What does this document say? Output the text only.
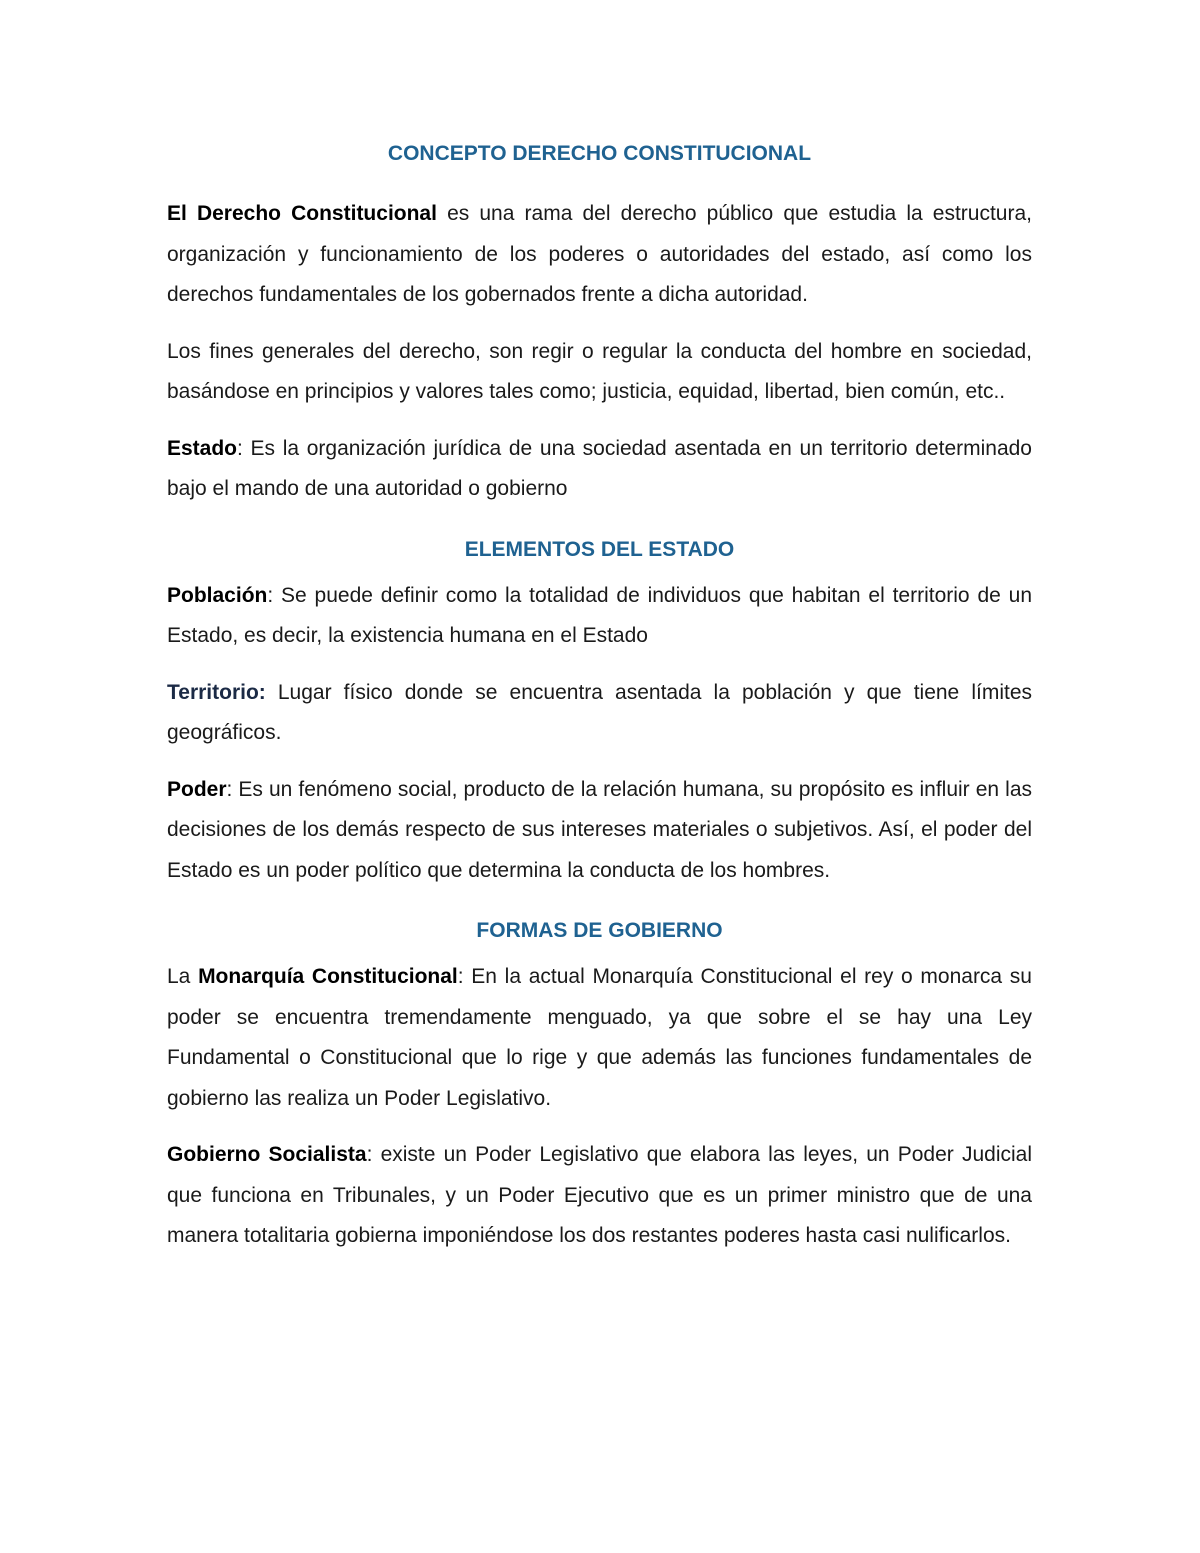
CONCEPTO DERECHO CONSTITUCIONAL

El Derecho Constitucional es una rama del derecho público que estudia la estructura, organización y funcionamiento de los poderes o autoridades del estado, así como los derechos fundamentales de los gobernados frente a dicha autoridad.

Los fines generales del derecho, son regir o regular la conducta del hombre en sociedad, basándose en principios y valores tales como; justicia, equidad, libertad, bien común, etc..

Estado: Es la organización jurídica de una sociedad asentada en un territorio determinado bajo el mando de una autoridad o gobierno

ELEMENTOS DEL ESTADO

Población: Se puede definir como la totalidad de individuos que habitan el territorio de un Estado, es decir, la existencia humana en el Estado

Territorio: Lugar físico donde se encuentra asentada la población y que tiene límites geográficos.

Poder: Es un fenómeno social, producto de la relación humana, su propósito es influir en las decisiones de los demás respecto de sus intereses materiales o subjetivos. Así, el poder del Estado es un poder político que determina la conducta de los hombres.

FORMAS DE GOBIERNO

La Monarquía Constitucional: En la actual Monarquía Constitucional el rey o monarca su poder se encuentra tremendamente menguado, ya que sobre el se hay una Ley Fundamental o Constitucional que lo rige y que además las funciones fundamentales de gobierno las realiza un Poder Legislativo.

Gobierno Socialista: existe un Poder Legislativo que elabora las leyes, un Poder Judicial que funciona en Tribunales, y un Poder Ejecutivo que es un primer ministro que de una manera totalitaria gobierna imponiéndose los dos restantes poderes hasta casi nulificarlos.
